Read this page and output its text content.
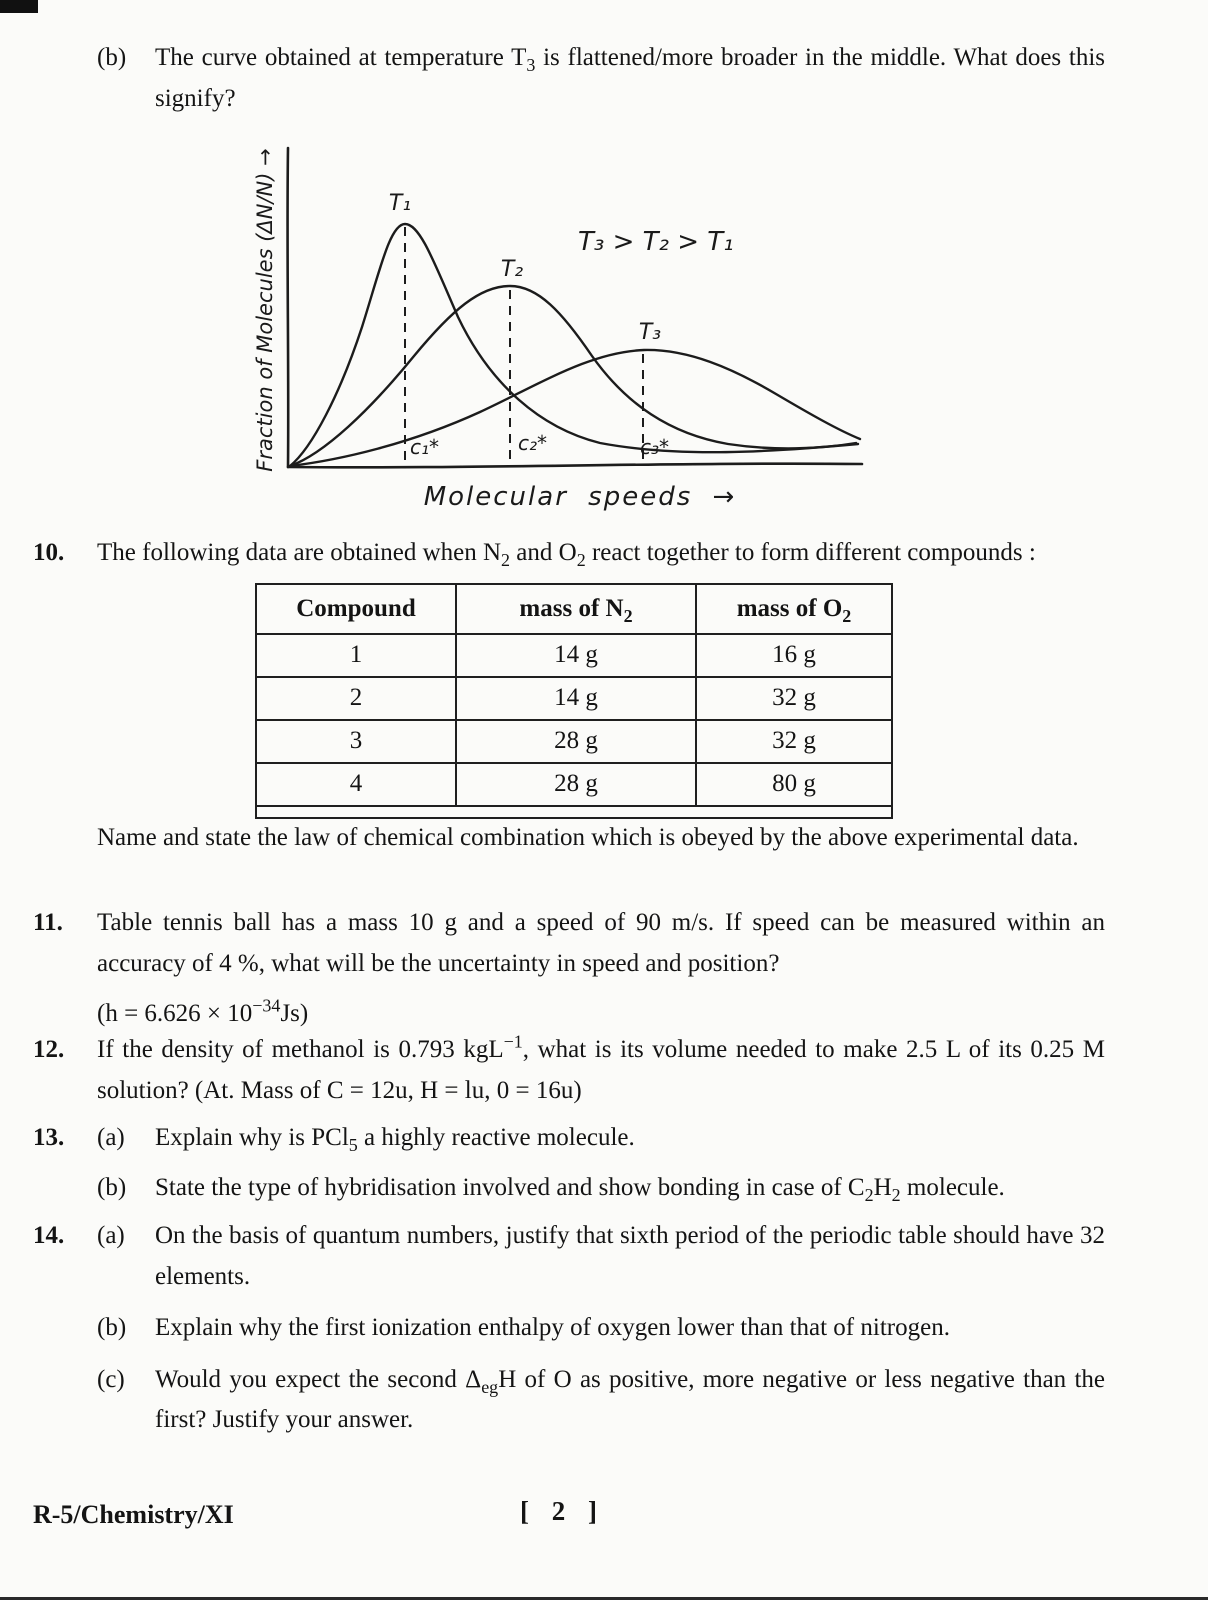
(b)	The curve obtained at temperature $T_3$ is flattened/more broader in the middle. What does this signify?
Fraction of Molecules (ΔN/N) →
Molecular speeds →
T₃ > T₂ > T₁
T₁
T₂
T₃
c₁*	c₂*	c₃*
10.	The following data are obtained when $N_2$ and $O_2$ react together to form different compounds :
Compound	mass of $N_2$	mass of $O_2$
1	14 g	16 g
2	14 g	32 g
3	28 g	32 g
4	28 g	80 g

Name and state the law of chemical combination which is obeyed by the above experimental data.
11.	Table tennis ball has a mass 10 g and a speed of 90 m/s. If speed can be measured within an accuracy of 4 %, what will be the uncertainty in speed and position?
$(h = 6.626 \times 10^{-34}Js)$
12.	If the density of methanol is 0.793 kgL$^{-1}$, what is its volume needed to make 2.5 L of its 0.25 M solution? (At. Mass of C = 12u, H = lu, 0 = 16u)
13.	(a)	Explain why is PCl$_5$ a highly reactive molecule.
(b)	State the type of hybridisation involved and show bonding in case of $C_2H_2$ molecule.
14.	(a)	On the basis of quantum numbers, justify that sixth period of the periodic table should have 32 elements.
(b)	Explain why the first ionization enthalpy of oxygen lower than that of nitrogen.
(c)	Would you expect the second $\Delta_{eg}H$ of O as positive, more negative or less negative than the first? Justify your answer.
R-5/Chemistry/XI	[ 2 ]
